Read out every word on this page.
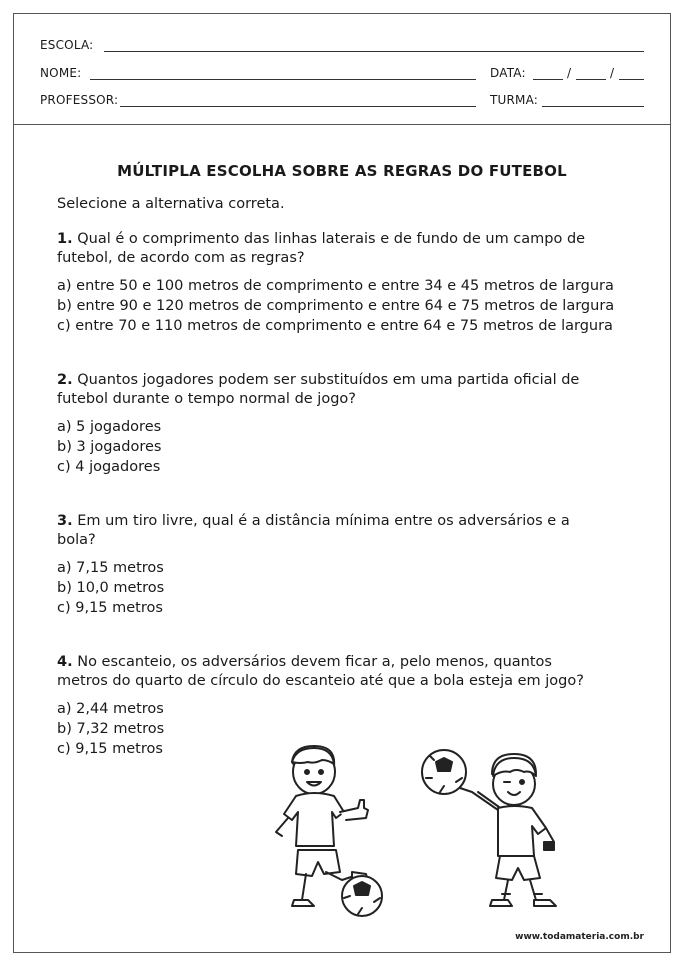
ESCOLA:
NOME:	DATA:	/	/
PROFESSOR:	TURMA:
MÚLTIPLA ESCOLHA SOBRE AS REGRAS DO FUTEBOL
Selecione a alternativa correta.
1. Qual é o comprimento das linhas laterais e de fundo de um campo de
futebol, de acordo com as regras?
a) entre 50 e 100 metros de comprimento e entre 34 e 45 metros de largura
b) entre 90 e 120 metros de comprimento e entre 64 e 75 metros de largura
c) entre 70 e 110 metros de comprimento e entre 64 e 75 metros de largura
2. Quantos jogadores podem ser substituídos em uma partida oficial de
futebol durante o tempo normal de jogo?
a) 5 jogadores
b) 3 jogadores
c) 4 jogadores
3. Em um tiro livre, qual é a distância mínima entre os adversários e a
bola?
a) 7,15 metros
b) 10,0 metros
c) 9,15 metros
4. No escanteio, os adversários devem ficar a, pelo menos, quantos
metros do quarto de círculo do escanteio até que a bola esteja em jogo?
a) 2,44 metros
b) 7,32 metros
c) 9,15 metros
www.todamateria.com.br
